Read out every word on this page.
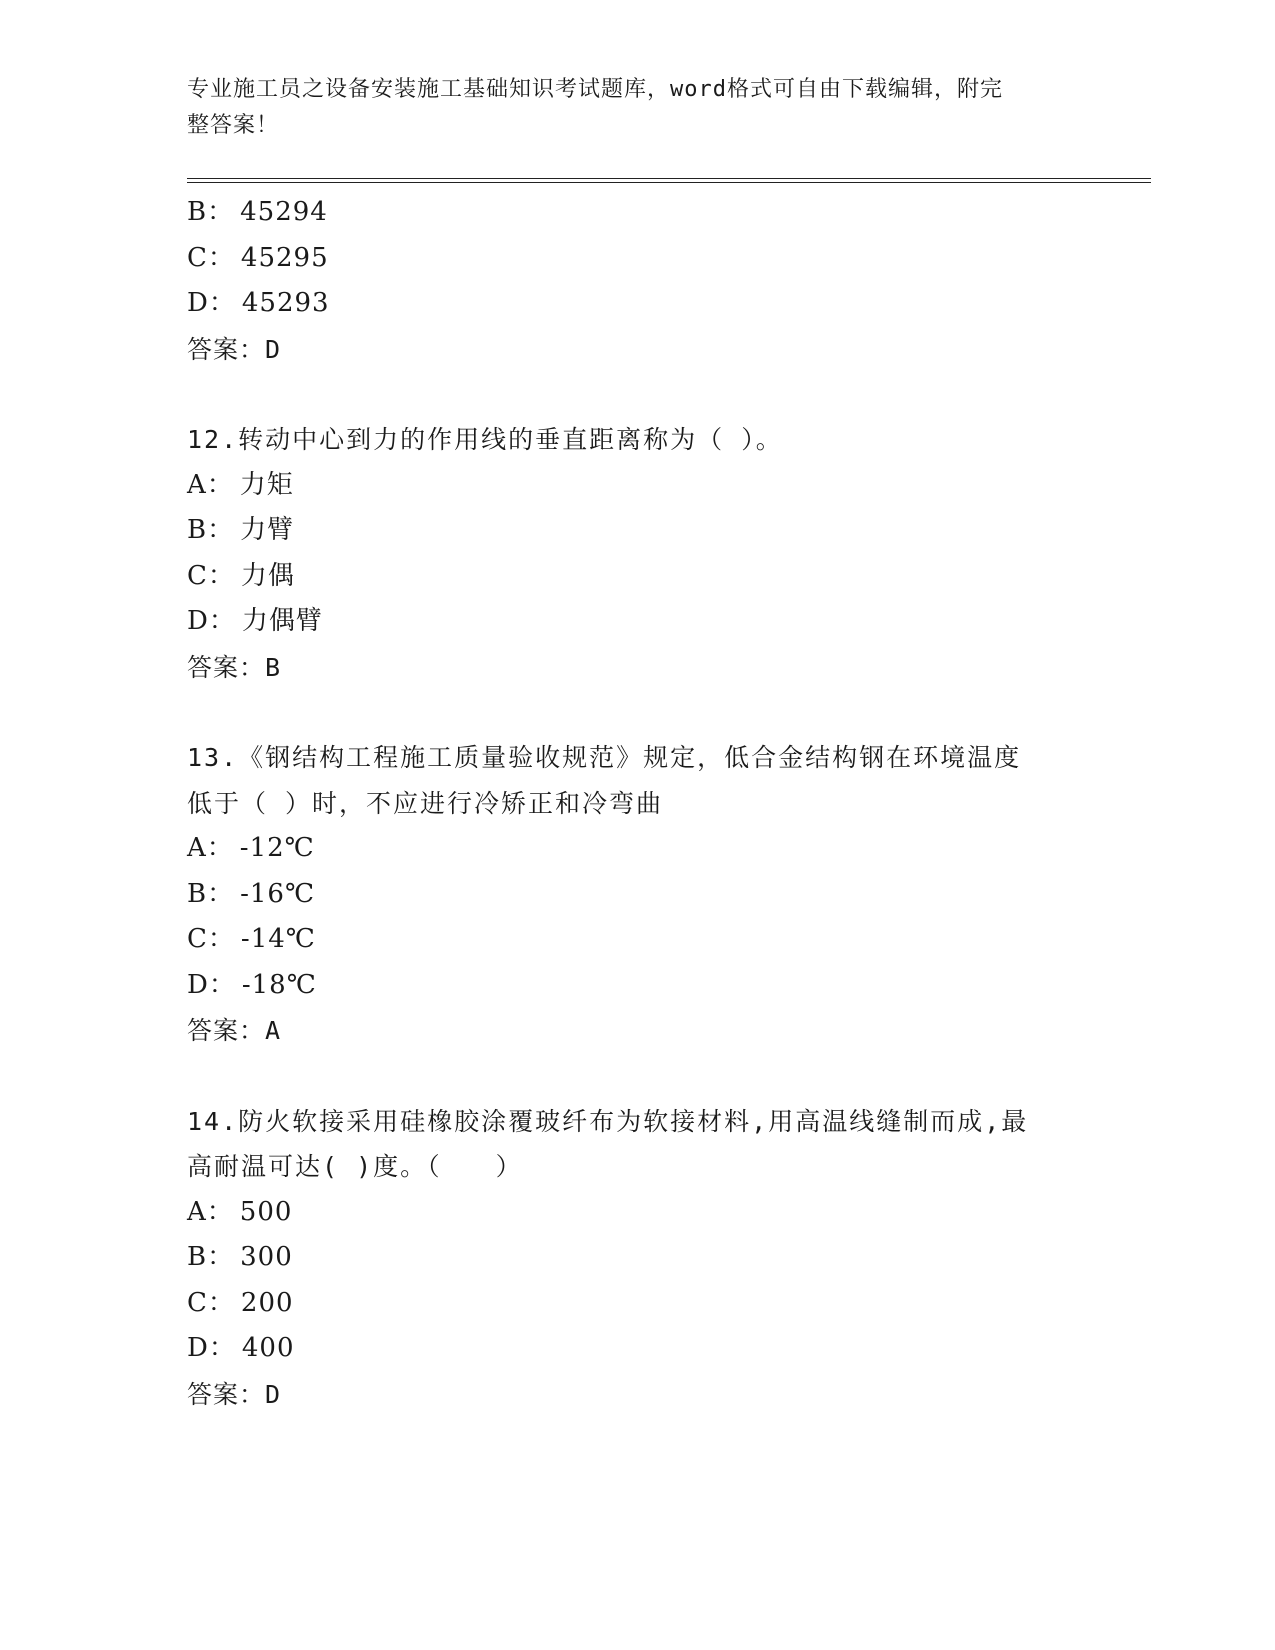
专业施工员之设备安装施工基础知识考试题库，word格式可自由下载编辑，附完
整答案！
B： 45294
C： 45295
D： 45293
答案：D
12.转动中心到力的作用线的垂直距离称为（ ）。
A： 力矩
B： 力臂
C： 力偶
D： 力偶臂
答案：B
13.《钢结构工程施工质量验收规范》规定，低合金结构钢在环境温度
低于（ ）时，不应进行冷矫正和冷弯曲
A： -12℃
B： -16℃
C： -14℃
D： -18℃
答案：A
14.防火软接采用硅橡胶涂覆玻纤布为软接材料,用高温线缝制而成,最
高耐温可达( )度。（　　）
A： 500
B： 300
C： 200
D： 400
答案：D
